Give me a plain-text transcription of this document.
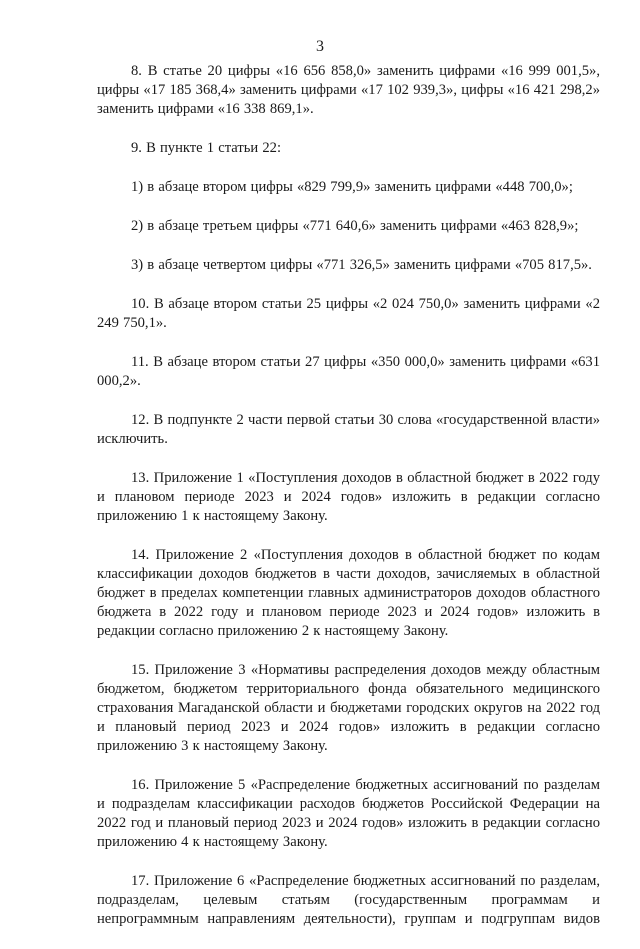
3

8. В статье 20 цифры «16 656 858,0» заменить цифрами «16 999 001,5», цифры «17 185 368,4» заменить цифрами «17 102 939,3», цифры «16 421 298,2» заменить цифрами «16 338 869,1».

9. В пункте 1 статьи 22:

1) в абзаце втором цифры «829 799,9» заменить цифрами «448 700,0»;

2) в абзаце третьем цифры «771 640,6» заменить цифрами «463 828,9»;

3) в абзаце четвертом цифры «771 326,5» заменить цифрами «705 817,5».

10. В абзаце втором статьи 25 цифры «2 024 750,0» заменить цифрами «2 249 750,1».

11. В абзаце втором статьи 27 цифры «350 000,0» заменить цифрами «631 000,2».

12. В подпункте 2 части первой статьи 30 слова «государственной власти» исключить.

13. Приложение 1 «Поступления доходов в областной бюджет в 2022 году и плановом периоде 2023 и 2024 годов» изложить в редакции согласно приложению 1 к настоящему Закону.

14. Приложение 2 «Поступления доходов в областной бюджет по кодам классификации доходов бюджетов в части доходов, зачисляемых в областной бюджет в пределах компетенции главных администраторов доходов областного бюджета в 2022 году и плановом периоде 2023 и 2024 годов» изложить в редакции согласно приложению 2 к настоящему Закону.

15. Приложение 3 «Нормативы распределения доходов между областным бюджетом, бюджетом территориального фонда обязательного медицинского страхования Магаданской области и бюджетами городских округов на 2022 год и плановый период 2023 и 2024 годов» изложить в редакции согласно приложению 3 к настоящему Закону.

16. Приложение 5 «Распределение бюджетных ассигнований по разделам и подразделам классификации расходов бюджетов Российской Федерации на 2022 год и плановый период 2023 и 2024 годов» изложить в редакции согласно приложению 4 к настоящему Закону.

17. Приложение 6 «Распределение бюджетных ассигнований по разделам, подразделам, целевым статьям (государственным программам и непрограммным направлениям деятельности), группам и подгруппам видов
